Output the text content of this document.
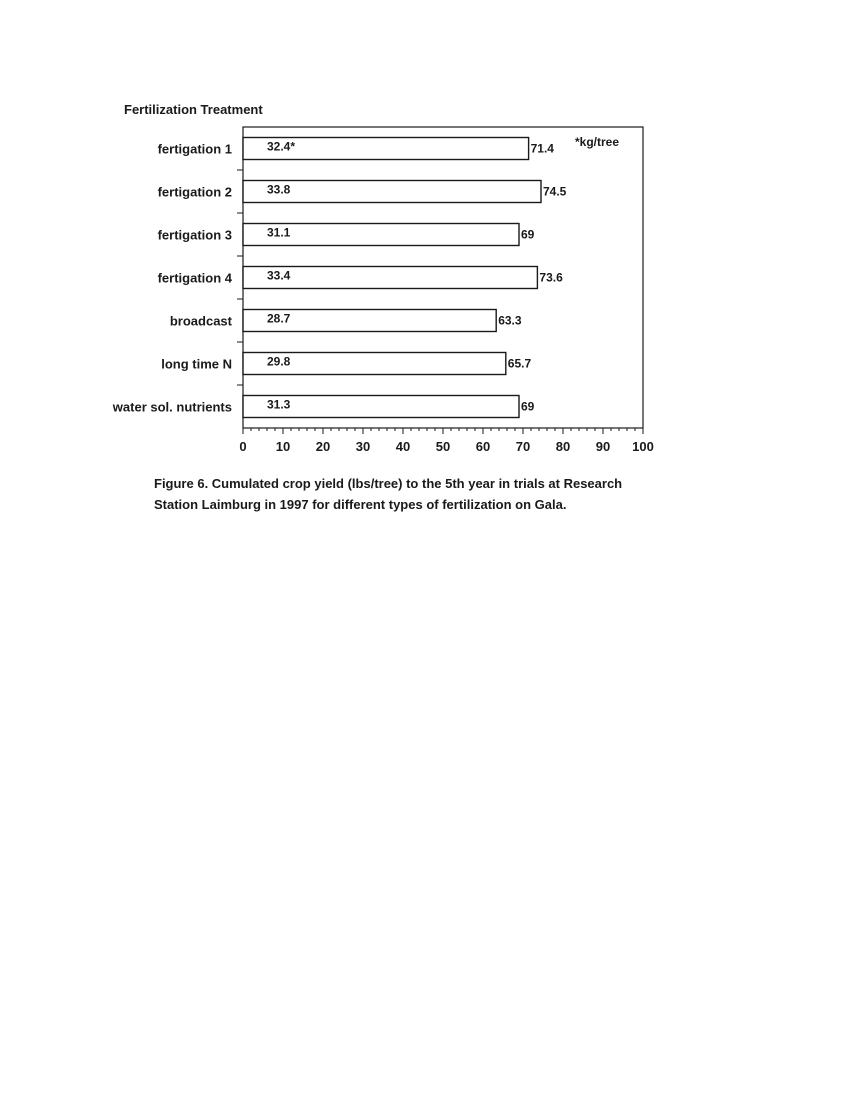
Fertilization Treatment
*kg/tree
fertigation 1	32.4*	71.4
fertigation 2	33.8	74.5
fertigation 3	31.1	69
fertigation 4	33.4	73.6
broadcast	28.7	63.3
long time N	29.8	65.7
water sol. nutrients	31.3	69
0 10 20 30 40 50 60 70 80 90 100
Figure 6. Cumulated crop yield (lbs/tree) to the 5th year in trials at Research
Station Laimburg in 1997 for different types of fertilization on Gala.
